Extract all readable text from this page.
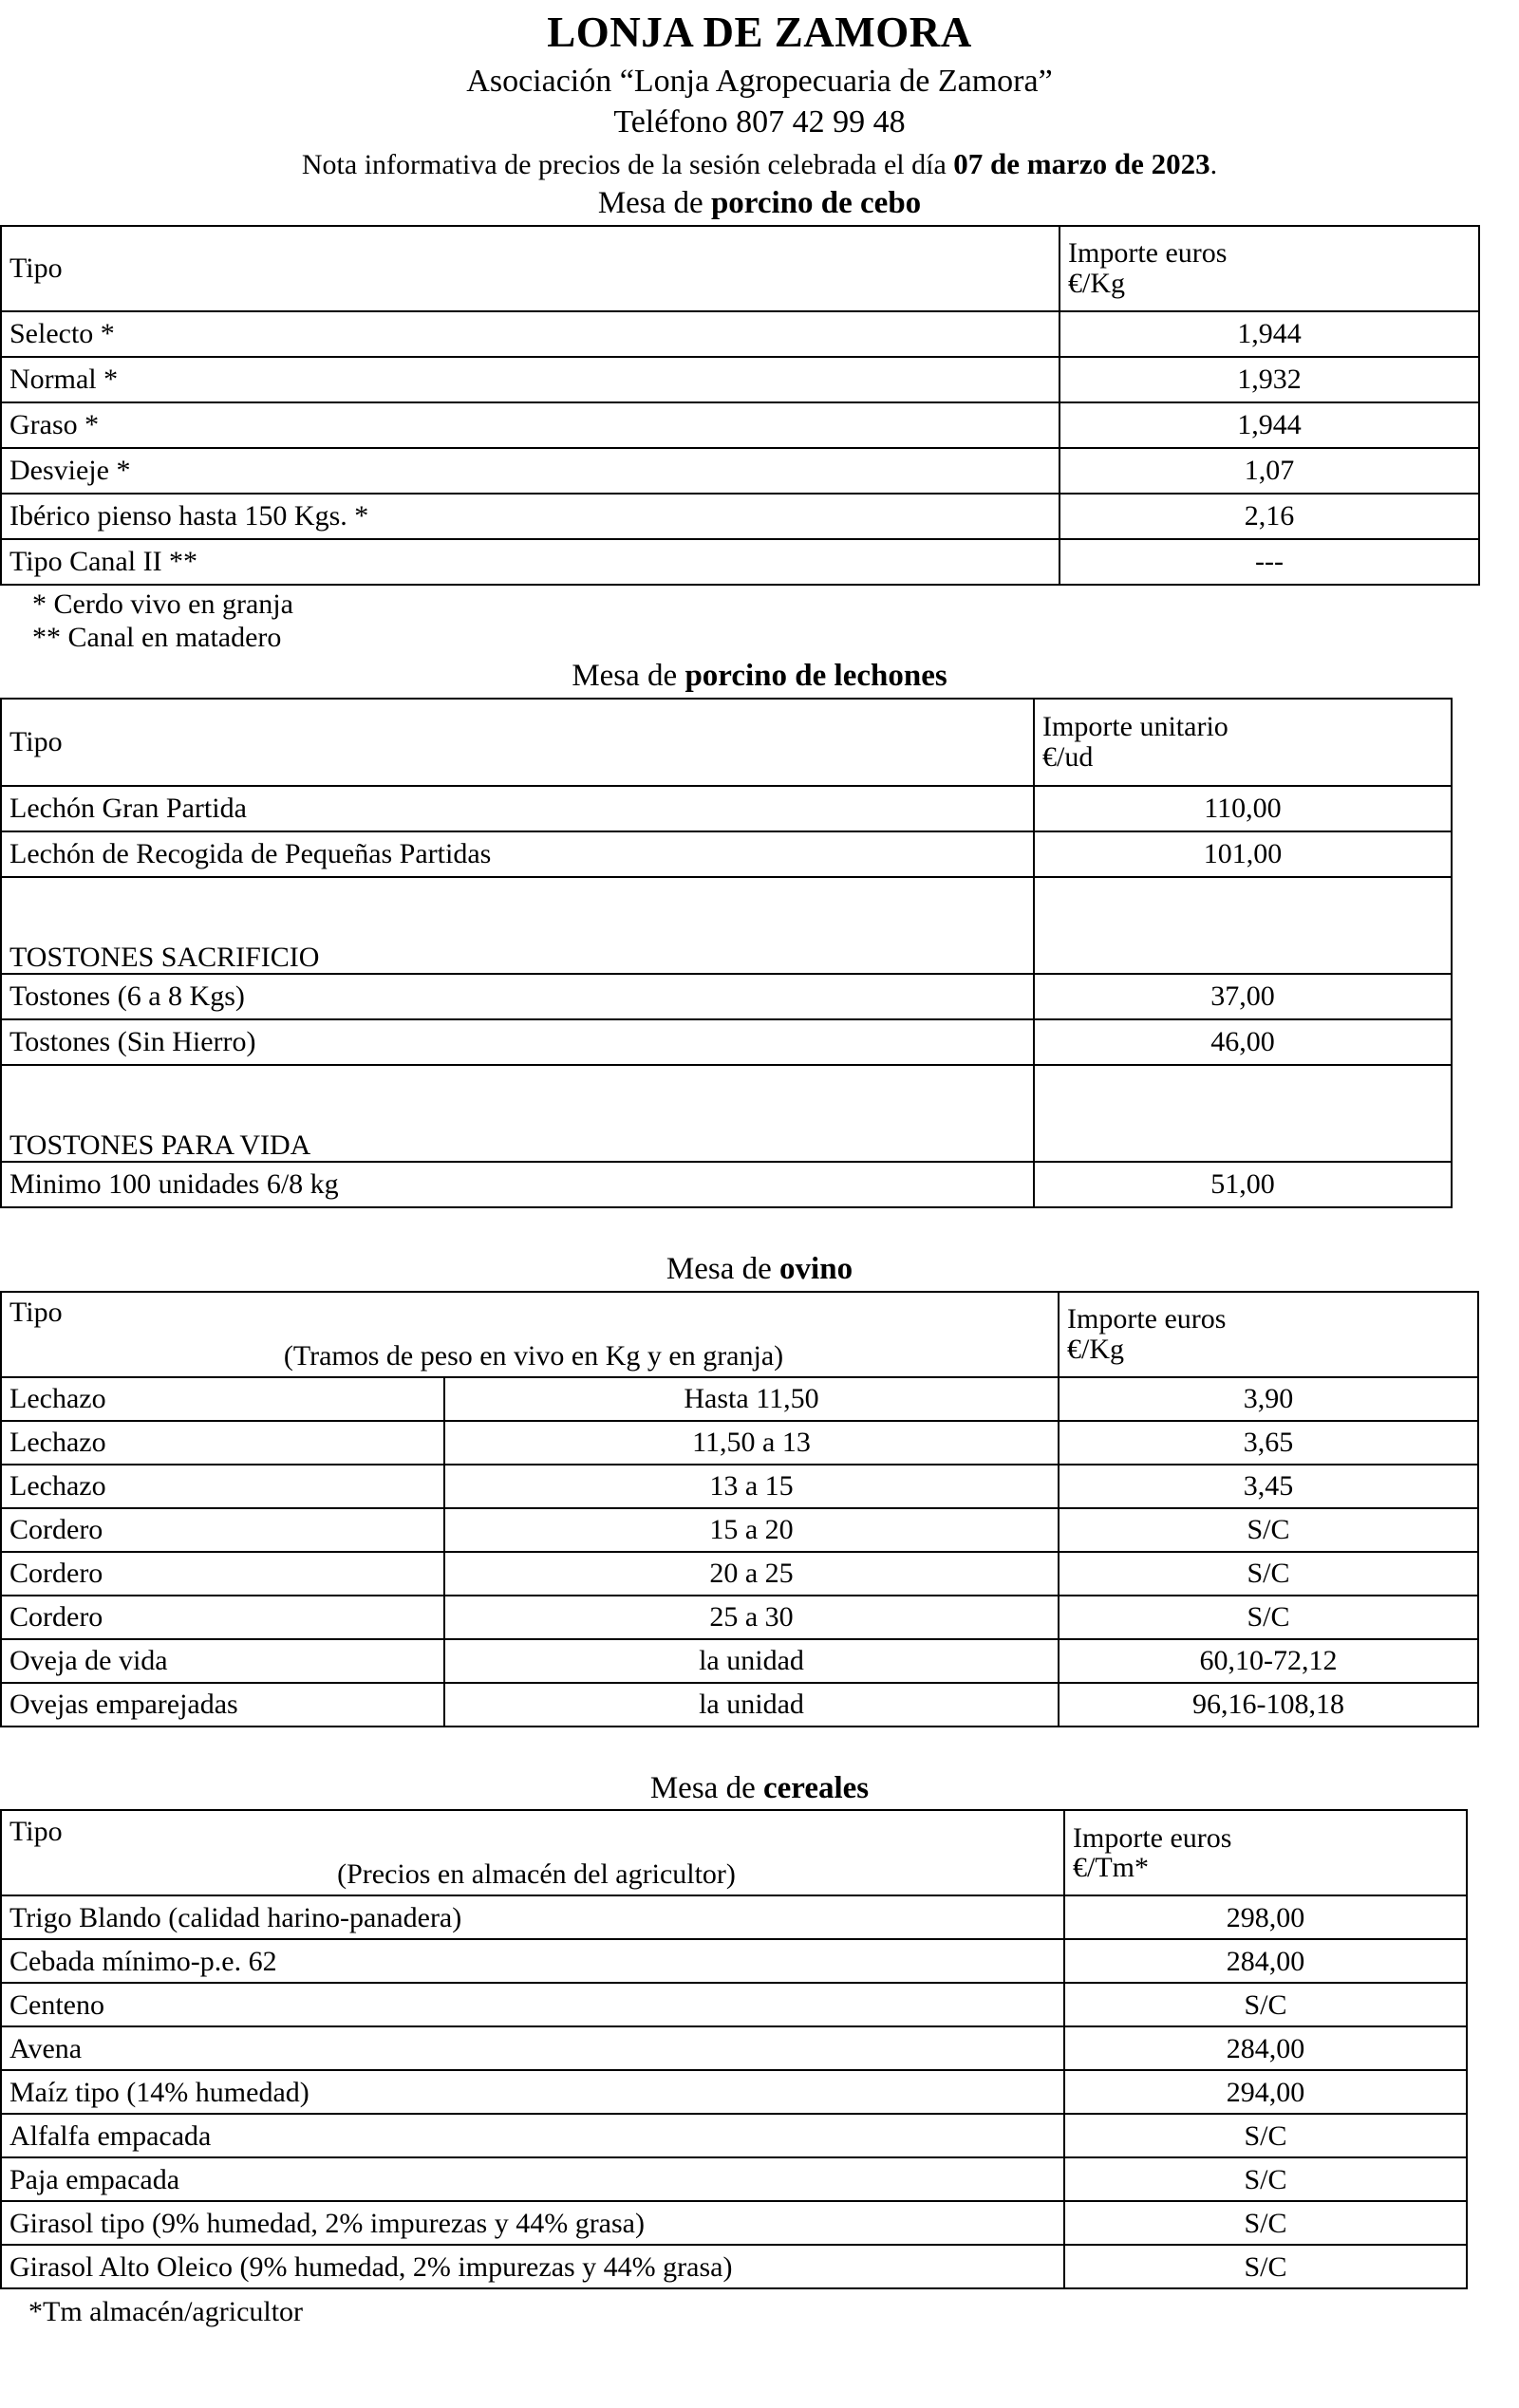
LONJA DE ZAMORA
Asociación “Lonja Agropecuaria de Zamora”
Teléfono 807 42 99 48
Nota informativa de precios de la sesión celebrada el día 07 de marzo de 2023.
Mesa de porcino de cebo
Tipo	Importe euros
€/Kg

Selecto *	1,944
Normal *	1,932
Graso *	1,944
Desvieje *	1,07
Ibérico pienso hasta 150 Kgs. *	2,16
Tipo Canal II **	---
* Cerdo vivo en granja
** Canal en matadero
Mesa de porcino de lechones
Tipo	Importe unitario
€/ud

Lechón Gran Partida	110,00
Lechón de Recogida de Pequeñas Partidas	101,00
TOSTONES SACRIFICIO	
Tostones (6 a 8 Kgs)	37,00
Tostones (Sin Hierro)	46,00
TOSTONES PARA VIDA	
Minimo 100 unidades 6/8 kg	51,00
Mesa de ovino
Tipo
(Tramos de peso en vivo en Kg y en granja)

Importe euros
€/Kg

Lechazo	Hasta 11,50	3,90
Lechazo	11,50 a 13	3,65
Lechazo	13 a 15	3,45
Cordero	15 a 20	S/C
Cordero	20 a 25	S/C
Cordero	25 a 30	S/C
Oveja de vida	la unidad	60,10-72,12
Ovejas emparejadas	la unidad	96,16-108,18
Mesa de cereales
Tipo
(Precios en almacén del agricultor)

Importe euros
€/Tm*

Trigo Blando (calidad harino-panadera)	298,00
Cebada mínimo-p.e. 62	284,00
Centeno	S/C
Avena	284,00
Maíz tipo (14% humedad)	294,00
Alfalfa empacada	S/C
Paja empacada	S/C
Girasol tipo (9% humedad, 2% impurezas y 44% grasa)	S/C
Girasol Alto Oleico (9% humedad, 2% impurezas y 44% grasa)	S/C
*Tm almacén/agricultor
